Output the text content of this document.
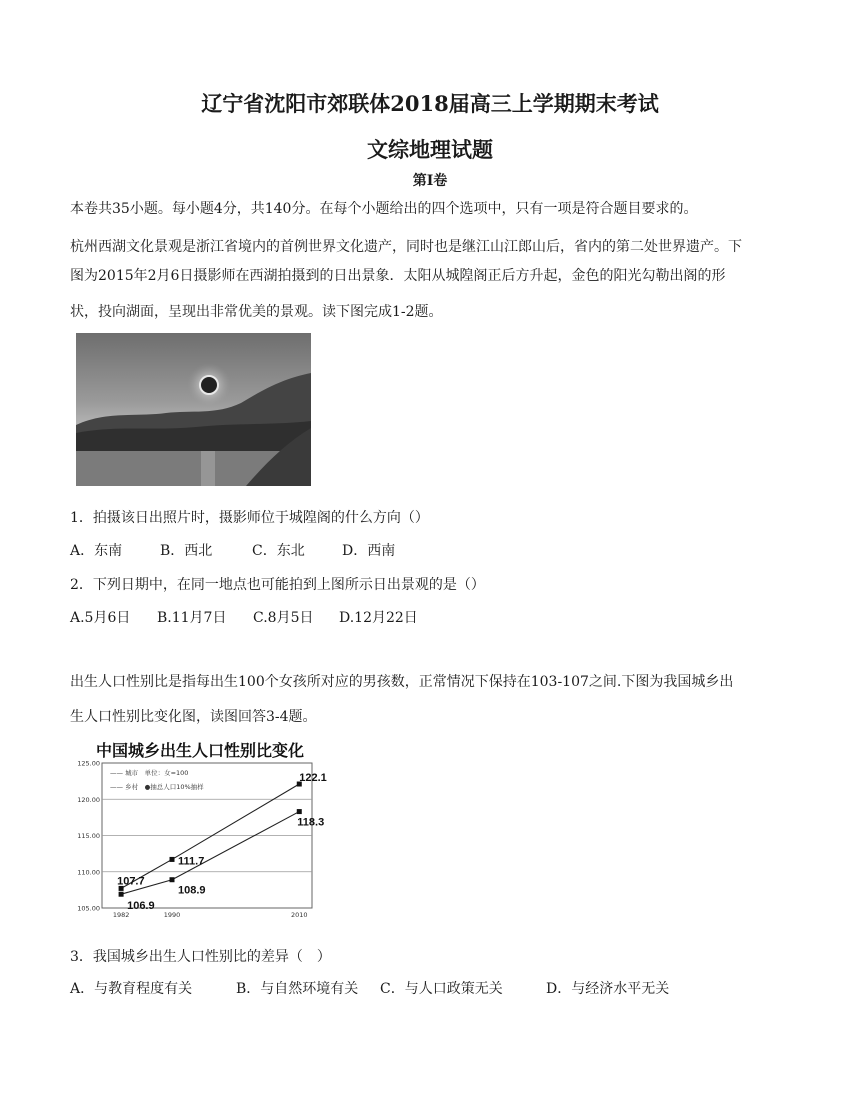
辽宁省沈阳市郊联体2018届高三上学期期末考试
文综地理试题
第I卷
本卷共35小题。每小题4分，共140分。在每个小题给出的四个选项中，只有一项是符合题目要求的。
杭州西湖文化景观是浙江省境内的首例世界文化遗产，同时也是继江山江郎山后，省内的第二处世界遗产。下
图为2015年2月6日摄影师在西湖拍摄到的日出景象．太阳从城隍阁正后方升起，金色的阳光勾勒出阁的形
状，投向湖面，呈现出非常优美的景观。读下图完成1-2题。
1．拍摄该日出照片时，摄影师位于城隍阁的什么方向（）
A．东南	B．西北	C．东北	D．西南
2．下列日期中，在同一地点也可能拍到上图所示日出景观的是（）
A.5月6日 B.11月7日 C.8月5日 D.12月22日
出生人口性别比是指每出生100个女孩所对应的男孩数，正常情况下保持在103-107之间.下图为我国城乡出
生人口性别比变化图，读图回答3-4题。
中国城乡出生人口性别比变化
125.00
120.00
115.00
110.00
105.00
1982	1990	2010
—— 城市　单位：女=100
—— 乡村　●抽总人口10%抽样
106.9
108.9
118.3
107.7
111.7
122.1
3．我国城乡出生人口性别比的差异（　）
A．与教育程度有关	B．与自然环境有关 C．与人口政策无关	D．与经济水平无关
